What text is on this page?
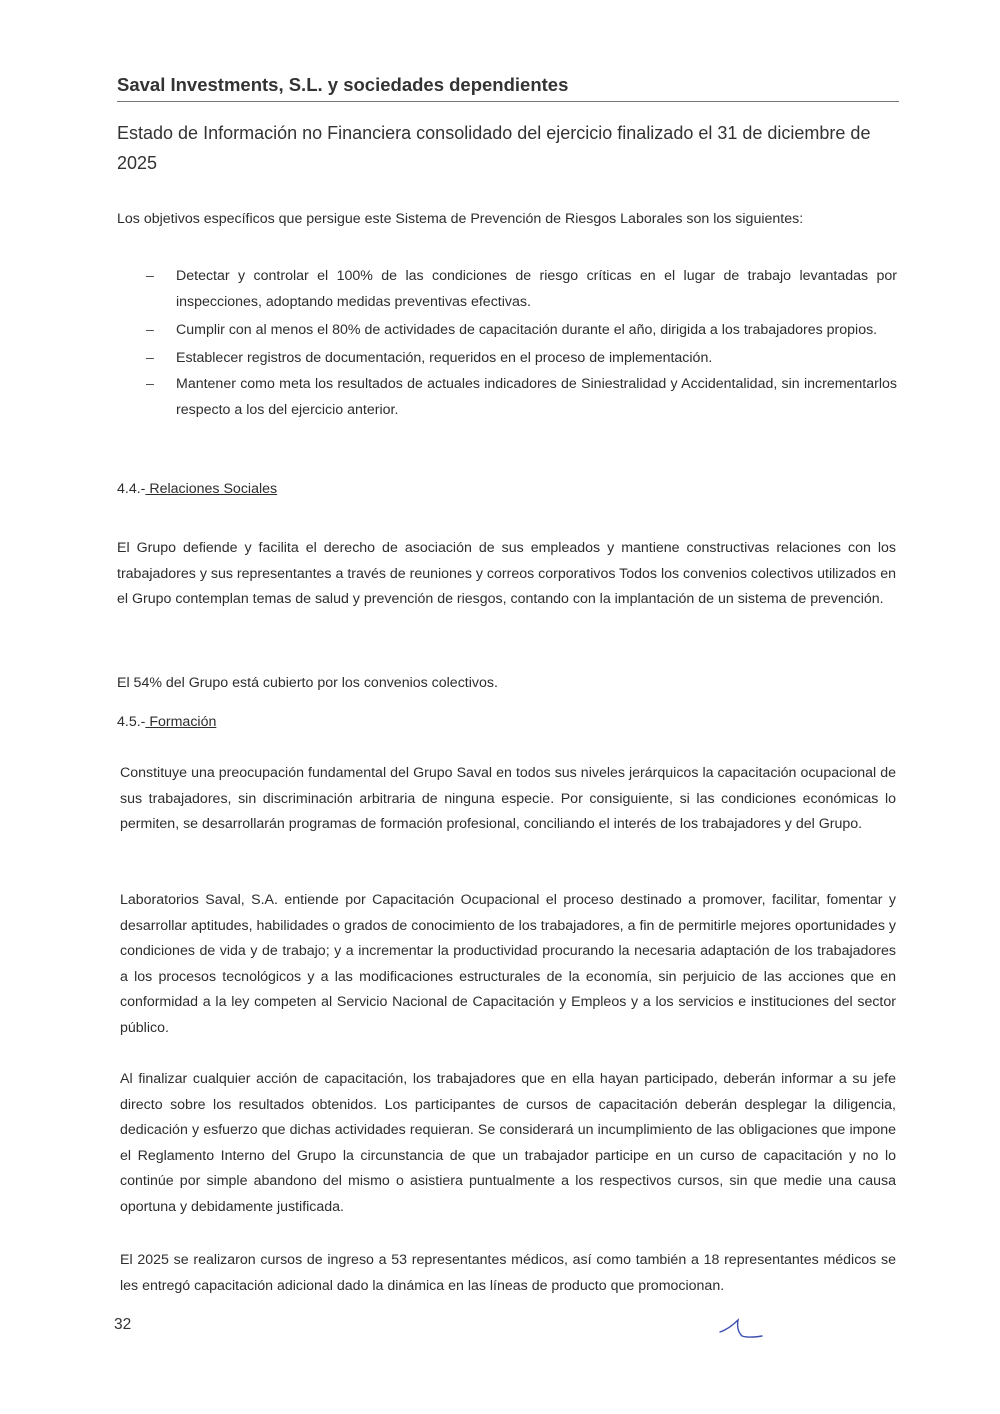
Saval Investments, S.L. y sociedades dependientes
Estado de Información no Financiera consolidado del ejercicio finalizado el 31 de diciembre de 2025
Los objetivos específicos que persigue este Sistema de Prevención de Riesgos Laborales son los siguientes:
– Detectar y controlar el 100% de las condiciones de riesgo críticas en el lugar de trabajo levantadas por inspecciones, adoptando medidas preventivas efectivas.
– Cumplir con al menos el 80% de actividades de capacitación durante el año, dirigida a los trabajadores propios.
– Establecer registros de documentación, requeridos en el proceso de implementación.
– Mantener como meta los resultados de actuales indicadores de Siniestralidad y Accidentalidad, sin incrementarlos respecto a los del ejercicio anterior.
4.4.- Relaciones Sociales
El Grupo defiende y facilita el derecho de asociación de sus empleados y mantiene constructivas relaciones con los trabajadores y sus representantes a través de reuniones y correos corporativos Todos los convenios colectivos utilizados en el Grupo contemplan temas de salud y prevención de riesgos, contando con la implantación de un sistema de prevención.
El 54% del Grupo está cubierto por los convenios colectivos.
4.5.- Formación
Constituye una preocupación fundamental del Grupo Saval en todos sus niveles jerárquicos la capacitación ocupacional de sus trabajadores, sin discriminación arbitraria de ninguna especie. Por consiguiente, si las condiciones económicas lo permiten, se desarrollarán programas de formación profesional, conciliando el interés de los trabajadores y del Grupo.
Laboratorios Saval, S.A. entiende por Capacitación Ocupacional el proceso destinado a promover, facilitar, fomentar y desarrollar aptitudes, habilidades o grados de conocimiento de los trabajadores, a fin de permitirle mejores oportunidades y condiciones de vida y de trabajo; y a incrementar la productividad procurando la necesaria adaptación de los trabajadores a los procesos tecnológicos y a las modificaciones estructurales de la economía, sin perjuicio de las acciones que en conformidad a la ley competen al Servicio Nacional de Capacitación y Empleos y a los servicios e instituciones del sector público.
Al finalizar cualquier acción de capacitación, los trabajadores que en ella hayan participado, deberán informar a su jefe directo sobre los resultados obtenidos. Los participantes de cursos de capacitación deberán desplegar la diligencia, dedicación y esfuerzo que dichas actividades requieran. Se considerará un incumplimiento de las obligaciones que impone el Reglamento Interno del Grupo la circunstancia de que un trabajador participe en un curso de capacitación y no lo continúe por simple abandono del mismo o asistiera puntualmente a los respectivos cursos, sin que medie una causa oportuna y debidamente justificada.
El 2025 se realizaron cursos de ingreso a 53 representantes médicos, así como también a 18 representantes médicos se les entregó capacitación adicional dado la dinámica en las líneas de producto que promocionan.
32
